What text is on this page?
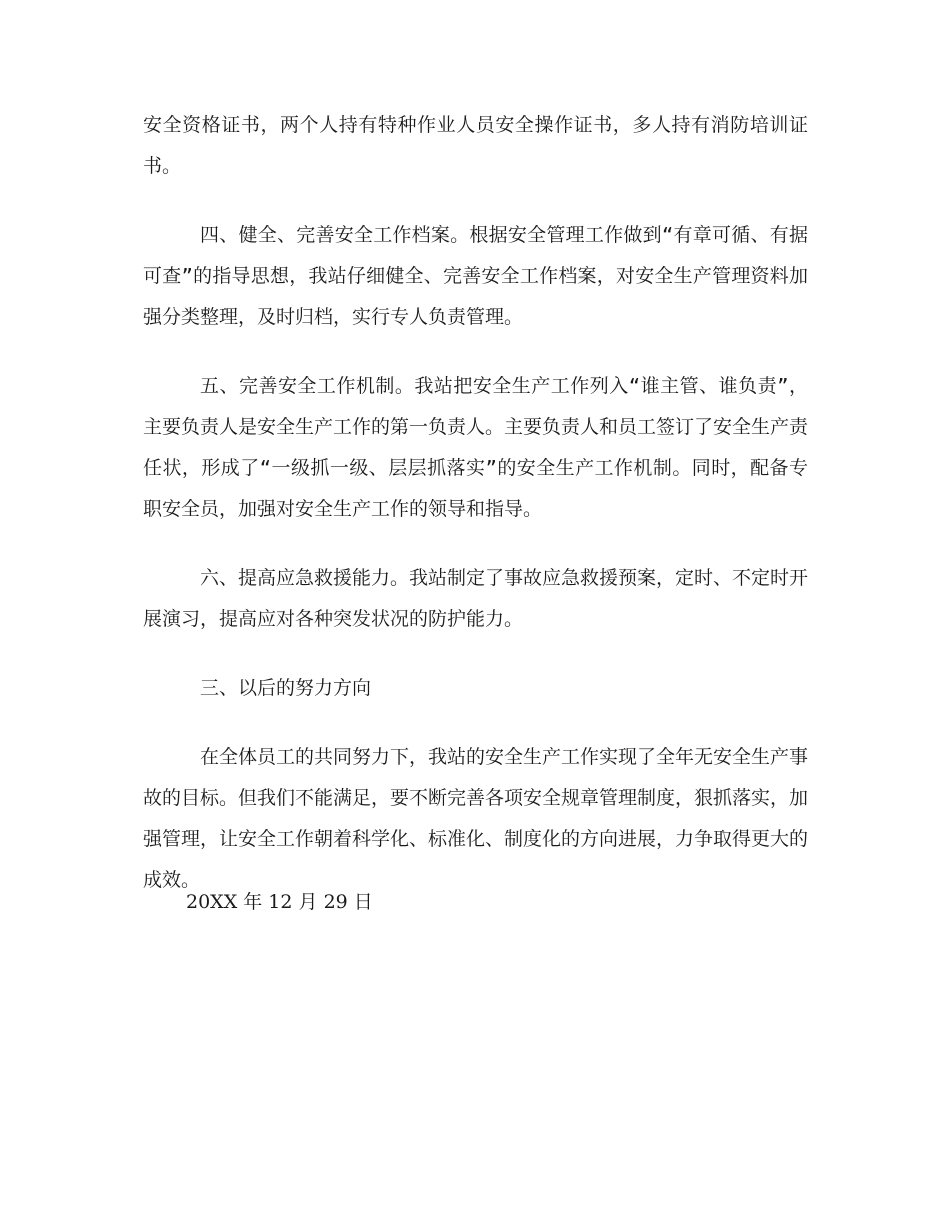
安全资格证书，两个人持有特种作业人员安全操作证书，多人持有消防培训证书。

四、健全、完善安全工作档案。根据安全管理工作做到“有章可循、有据可查”的指导思想，我站仔细健全、完善安全工作档案，对安全生产管理资料加强分类整理，及时归档，实行专人负责管理。

五、完善安全工作机制。我站把安全生产工作列入“谁主管、谁负责”，主要负责人是安全生产工作的第一负责人。主要负责人和员工签订了安全生产责任状，形成了“一级抓一级、层层抓落实”的安全生产工作机制。同时，配备专职安全员，加强对安全生产工作的领导和指导。

六、提高应急救援能力。我站制定了事故应急救援预案，定时、不定时开展演习，提高应对各种突发状况的防护能力。

三、以后的努力方向

在全体员工的共同努力下，我站的安全生产工作实现了全年无安全生产事故的目标。但我们不能满足，要不断完善各项安全规章管理制度，狠抓落实，加强管理，让安全工作朝着科学化、标准化、制度化的方向进展，力争取得更大的成效。

20XX 年 12 月 29 日
